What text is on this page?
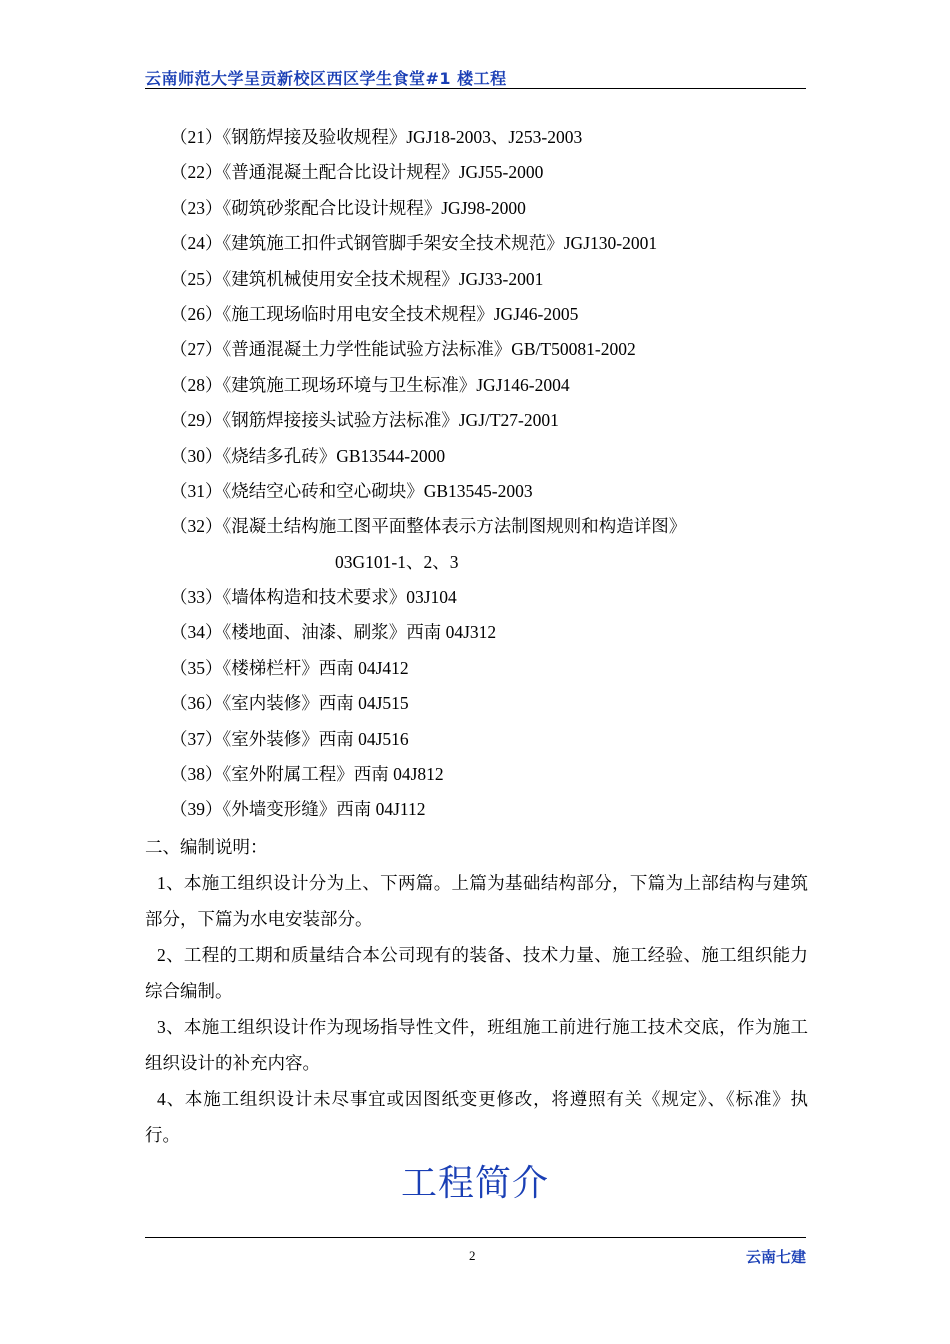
云南师范大学呈贡新校区西区学生食堂#1 楼工程
（21）《钢筋焊接及验收规程》JGJ18-2003、J253-2003
（22）《普通混凝土配合比设计规程》JGJ55-2000
（23）《砌筑砂浆配合比设计规程》JGJ98-2000
（24）《建筑施工扣件式钢管脚手架安全技术规范》JGJ130-2001
（25）《建筑机械使用安全技术规程》JGJ33-2001
（26）《施工现场临时用电安全技术规程》JGJ46-2005
（27）《普通混凝土力学性能试验方法标准》GB/T50081-2002
（28）《建筑施工现场环境与卫生标准》JGJ146-2004
（29）《钢筋焊接接头试验方法标准》JGJ/T27-2001
（30）《烧结多孔砖》GB13544-2000
（31）《烧结空心砖和空心砌块》GB13545-2003
（32）《混凝土结构施工图平面整体表示方法制图规则和构造详图》
03G101-1、2、3
（33）《墙体构造和技术要求》03J104
（34）《楼地面、油漆、刷浆》西南 04J312
（35）《楼梯栏杆》西南 04J412
（36）《室内装修》西南 04J515
（37）《室外装修》西南 04J516
（38）《室外附属工程》西南 04J812
（39）《外墙变形缝》西南 04J112
二、编制说明：
1、本施工组织设计分为上、下两篇。上篇为基础结构部分，下篇为上部结构与建筑部分，下篇为水电安装部分。
2、工程的工期和质量结合本公司现有的装备、技术力量、施工经验、施工组织能力综合编制。
3、本施工组织设计作为现场指导性文件，班组施工前进行施工技术交底，作为施工组织设计的补充内容。
4、本施工组织设计未尽事宜或因图纸变更修改，将遵照有关《规定》、《标准》执行。
工程简介
2	云南七建
